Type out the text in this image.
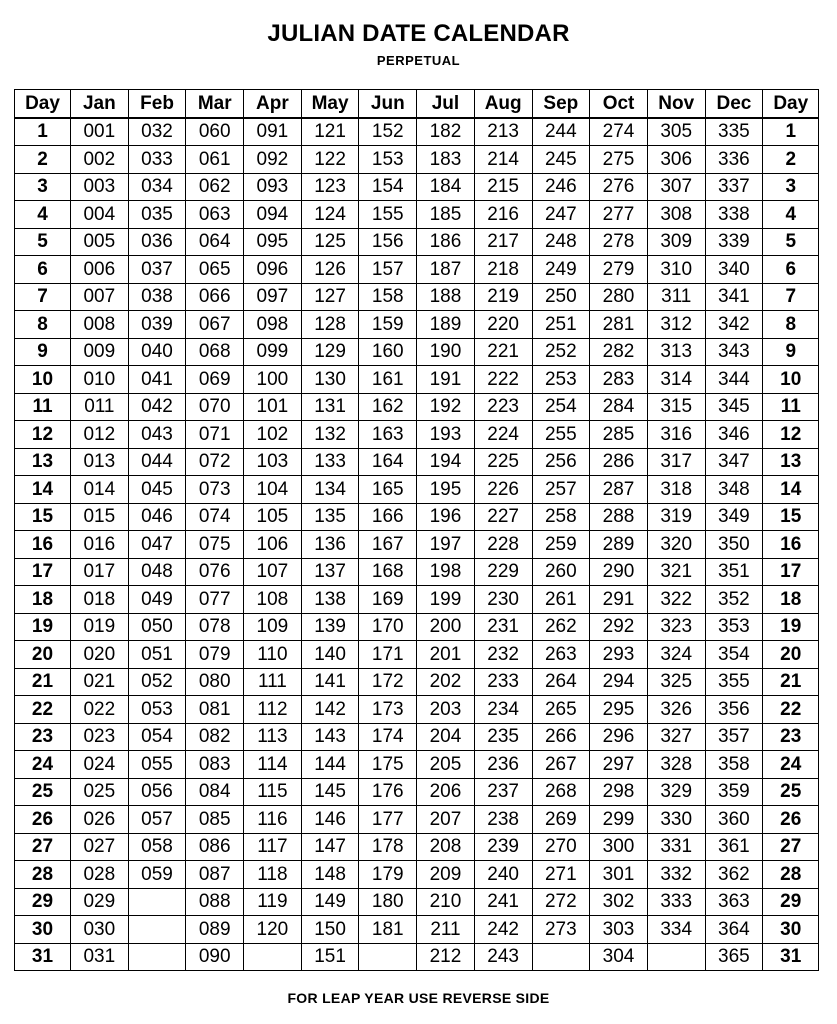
JULIAN DATE CALENDAR
PERPETUAL
Day	Jan	Feb	Mar	Apr	May	Jun	Jul	Aug	Sep	Oct	Nov	Dec	Day
1	001	032	060	091	121	152	182	213	244	274	305	335	1
2	002	033	061	092	122	153	183	214	245	275	306	336	2
3	003	034	062	093	123	154	184	215	246	276	307	337	3
4	004	035	063	094	124	155	185	216	247	277	308	338	4
5	005	036	064	095	125	156	186	217	248	278	309	339	5
6	006	037	065	096	126	157	187	218	249	279	310	340	6
7	007	038	066	097	127	158	188	219	250	280	311	341	7
8	008	039	067	098	128	159	189	220	251	281	312	342	8
9	009	040	068	099	129	160	190	221	252	282	313	343	9
10	010	041	069	100	130	161	191	222	253	283	314	344	10
11	011	042	070	101	131	162	192	223	254	284	315	345	11
12	012	043	071	102	132	163	193	224	255	285	316	346	12
13	013	044	072	103	133	164	194	225	256	286	317	347	13
14	014	045	073	104	134	165	195	226	257	287	318	348	14
15	015	046	074	105	135	166	196	227	258	288	319	349	15
16	016	047	075	106	136	167	197	228	259	289	320	350	16
17	017	048	076	107	137	168	198	229	260	290	321	351	17
18	018	049	077	108	138	169	199	230	261	291	322	352	18
19	019	050	078	109	139	170	200	231	262	292	323	353	19
20	020	051	079	110	140	171	201	232	263	293	324	354	20
21	021	052	080	111	141	172	202	233	264	294	325	355	21
22	022	053	081	112	142	173	203	234	265	295	326	356	22
23	023	054	082	113	143	174	204	235	266	296	327	357	23
24	024	055	083	114	144	175	205	236	267	297	328	358	24
25	025	056	084	115	145	176	206	237	268	298	329	359	25
26	026	057	085	116	146	177	207	238	269	299	330	360	26
27	027	058	086	117	147	178	208	239	270	300	331	361	27
28	028	059	087	118	148	179	209	240	271	301	332	362	28
29	029		088	119	149	180	210	241	272	302	333	363	29
30	030		089	120	150	181	211	242	273	303	334	364	30
31	031		090		151		212	243		304		365	31
FOR LEAP YEAR USE REVERSE SIDE
